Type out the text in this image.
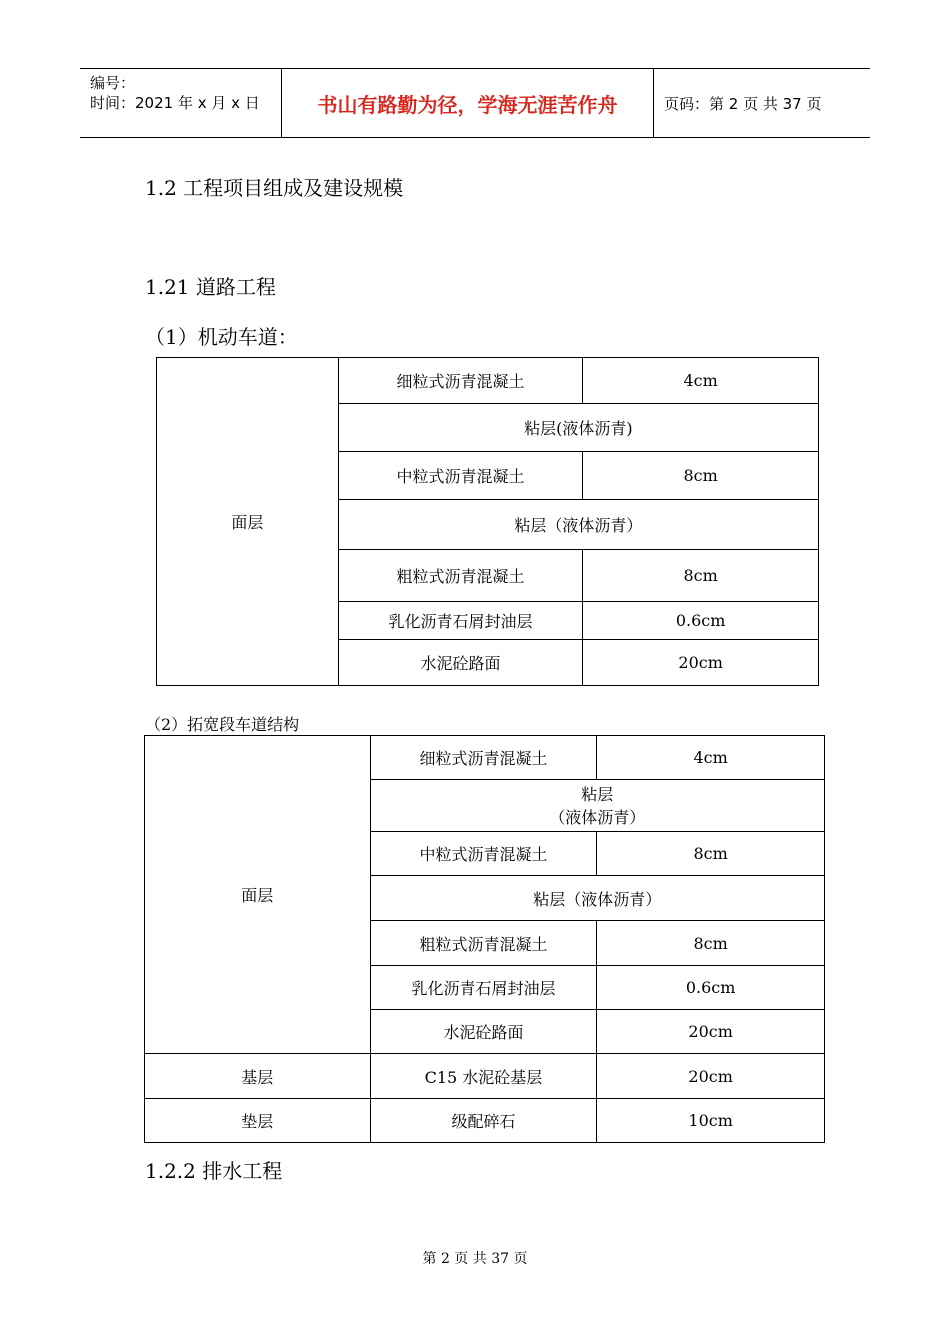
编号：
时间：2021 年 x 月 x 日	书山有路勤为径，学海无涯苦作舟	页码：第 2 页 共 37 页
1.2 工程项目组成及建设规模
1.21 道路工程
（1）机动车道：
面层	细粒式沥青混凝土	4cm
	粘层(液体沥青)	
	中粒式沥青混凝土	8cm
	粘层（液体沥青）	
	粗粒式沥青混凝土	8cm
	乳化沥青石屑封油层	0.6cm
	水泥砼路面	20cm
（2）拓宽段车道结构
面层	细粒式沥青混凝土	4cm

	粘层
（液体沥青）	

	中粒式沥青混凝土	8cm
	粘层（液体沥青）	
	粗粒式沥青混凝土	8cm
	乳化沥青石屑封油层	0.6cm
	水泥砼路面	20cm
基层	C15 水泥砼基层	20cm
垫层	级配碎石	10cm
1.2.2 排水工程
第 2 页 共 37 页
